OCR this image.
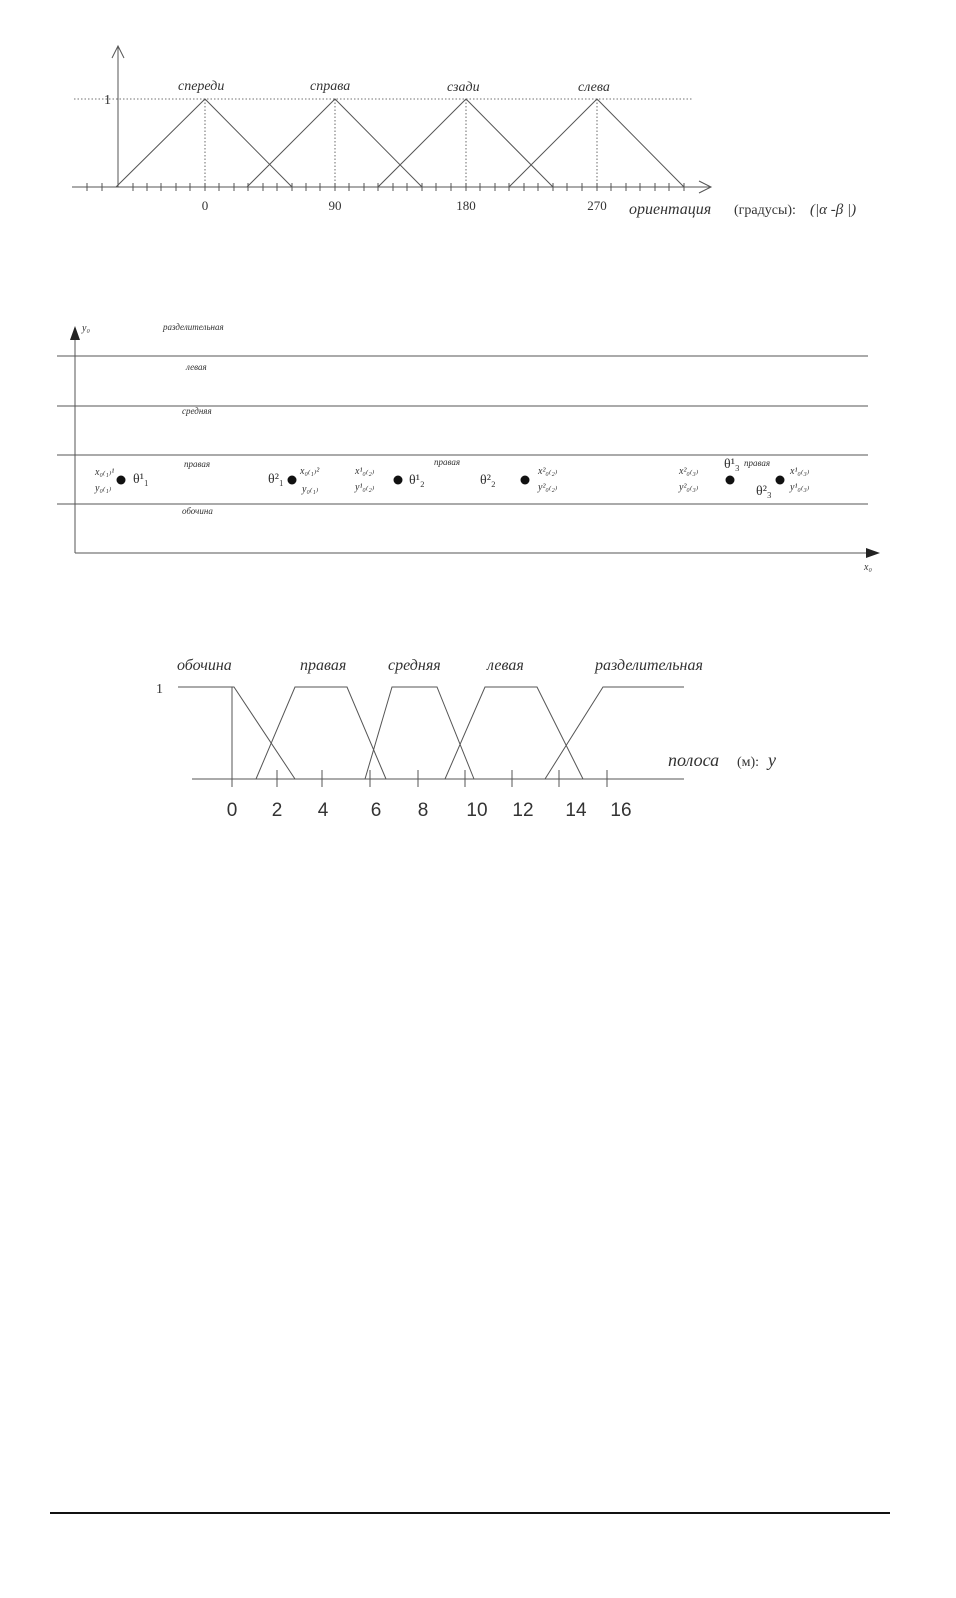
1
спереди	справа	сзади	слева
0	90	180	270 ориентация (градусы): (|α -β |)
y₀
x₀
разделительная
левая
средняя
правая
обочина
правая	правая
x₀₍₁₎¹
y₀₍₁₎
θ¹₁	θ²₁
x₀₍₁₎²
y₀₍₁₎
x¹₀₍₂₎
y¹₀₍₂₎ θ¹₂	θ²₂
x²₀₍₂₎
y²₀₍₂₎
x²₀₍₃₎
y²₀₍₃₎
θ¹₃
θ²₃
x¹₀₍₃₎
y¹₀₍₃₎
1
обочина	правая	средняя	левая	разделительная
0 2 4 6 8 10 12 14 16
полоса (м): y
